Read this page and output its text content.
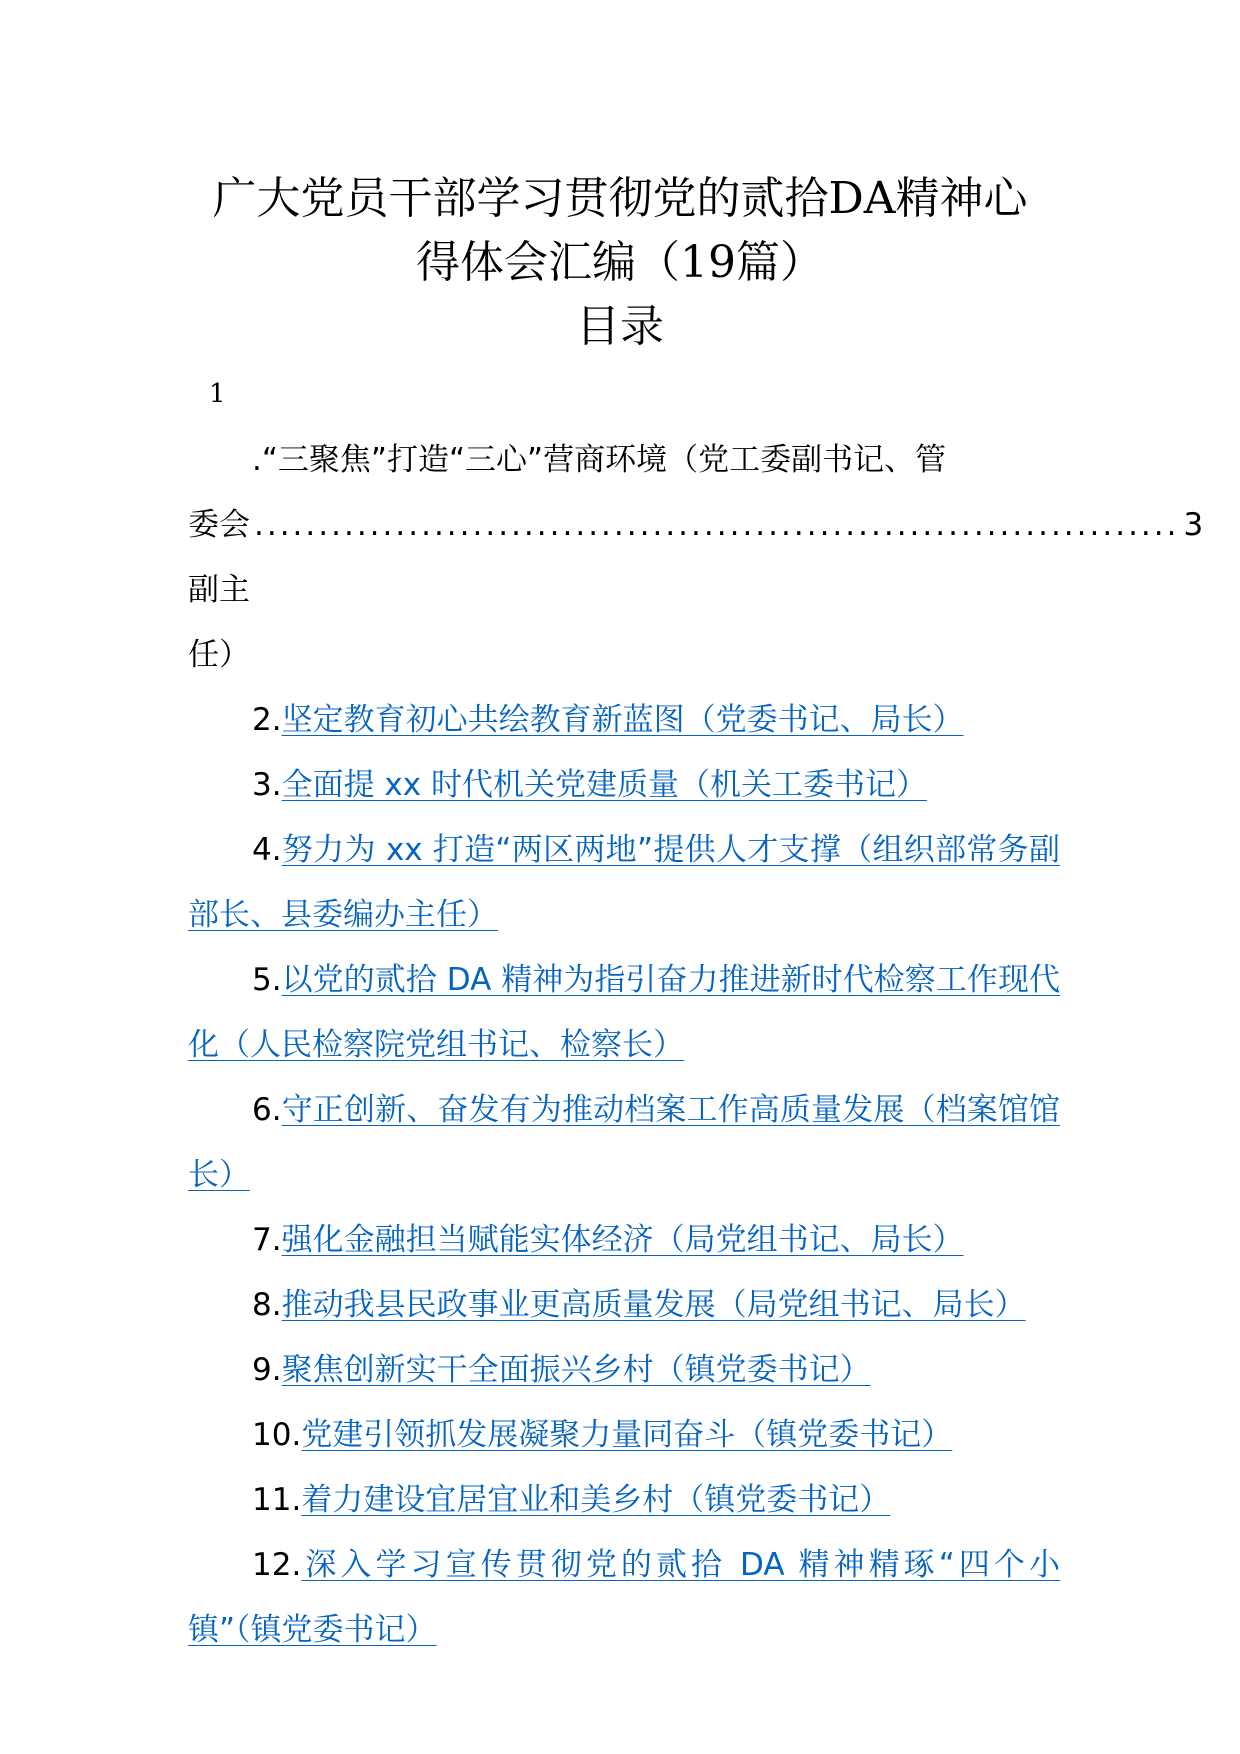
广大党员干部学习贯彻党的贰拾DA精神心
得体会汇编（19篇）
目录
1
.“三聚焦”打造“三心”营商环境（党工委副书记、管
委会副主任）
........................................................................ 3

2.坚定教育初心共绘教育新蓝图（党委书记、局长）

3.全面提 xx 时代机关党建质量（机关工委书记）

4.努力为 xx 打造“两区两地”提供人才支撑（组织部常务副部长、县委编办主任）

5.以党的贰拾 DA 精神为指引奋力推进新时代检察工作现代化（人民检察院党组书记、检察长）

6.守正创新、奋发有为推动档案工作高质量发展（档案馆馆长）

7.强化金融担当赋能实体经济（局党组书记、局长）

8.推动我县民政事业更高质量发展（局党组书记、局长）

9.聚焦创新实干全面振兴乡村（镇党委书记）

10.党建引领抓发展凝聚力量同奋斗（镇党委书记）

11.着力建设宜居宜业和美乡村（镇党委书记）

12.深入学习宣传贯彻党的贰拾 DA 精神精琢“四个小镇”（镇党委书记）
